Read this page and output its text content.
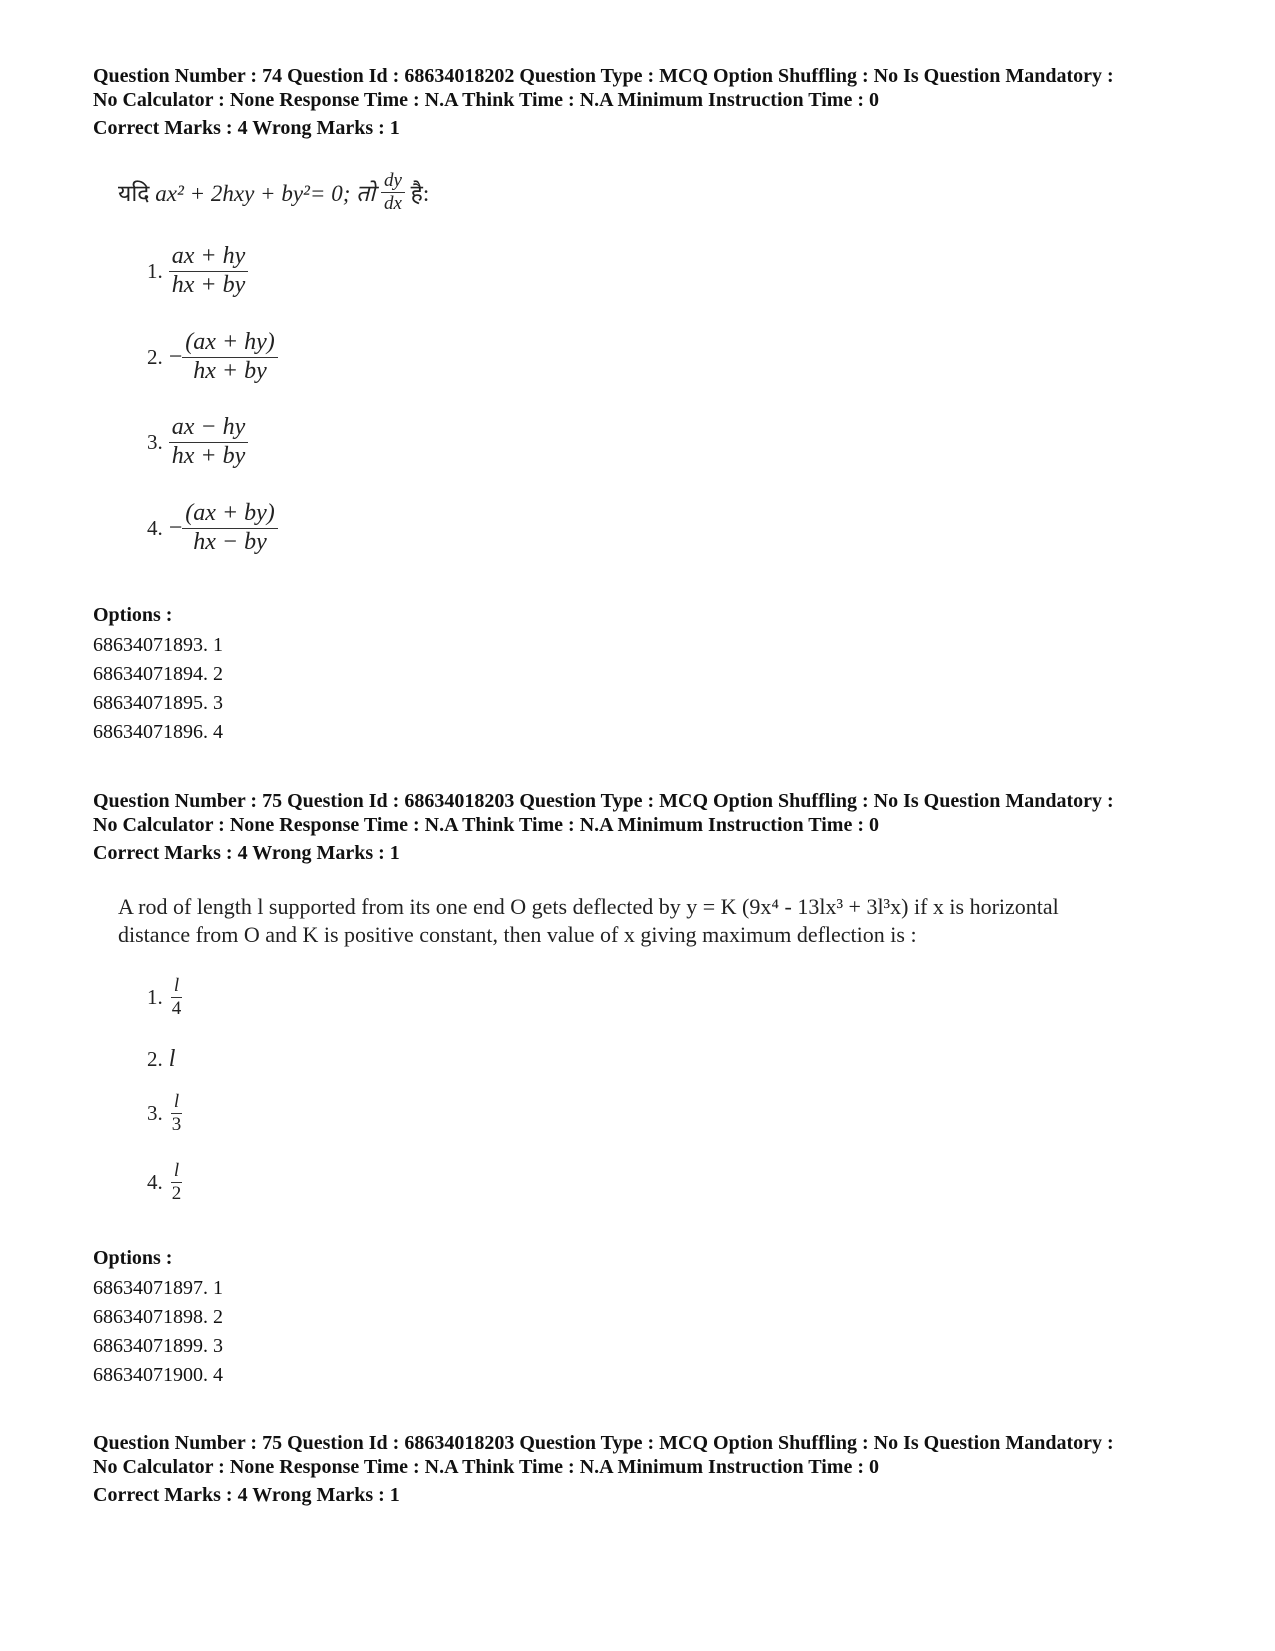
Question Number : 74 Question Id : 68634018202 Question Type : MCQ Option Shuffling : No Is Question Mandatory :
No Calculator : None Response Time : N.A Think Time : N.A Minimum Instruction Time : 0
Correct Marks : 4 Wrong Marks : 1
यदि
ax² + 2hxy + by²= 0; तो
$\frac{dy}{dx}$
है:
1. $\frac{ax + hy}{hx + by}$
2. − $\frac{(ax + hy)}{hx + by}$
3. $\frac{ax - hy}{hx + by}$
4. − $\frac{(ax + by)}{hx - by}$
Options :
68634071893. 1
68634071894. 2
68634071895. 3
68634071896. 4
Question Number : 75 Question Id : 68634018203 Question Type : MCQ Option Shuffling : No Is Question Mandatory :
No Calculator : None Response Time : N.A Think Time : N.A Minimum Instruction Time : 0
Correct Marks : 4 Wrong Marks : 1
A rod of length l supported from its one end O gets deflected by y = K (9x⁴ - 13lx³ + 3l³x) if x is horizontal
distance from O and K is positive constant, then value of x giving maximum deflection is :
1. $\frac{l}{4}$
2. l
3. $\frac{l}{3}$
4. $\frac{l}{2}$
Options :
68634071897. 1
68634071898. 2
68634071899. 3
68634071900. 4
Question Number : 75 Question Id : 68634018203 Question Type : MCQ Option Shuffling : No Is Question Mandatory :
No Calculator : None Response Time : N.A Think Time : N.A Minimum Instruction Time : 0
Correct Marks : 4 Wrong Marks : 1
